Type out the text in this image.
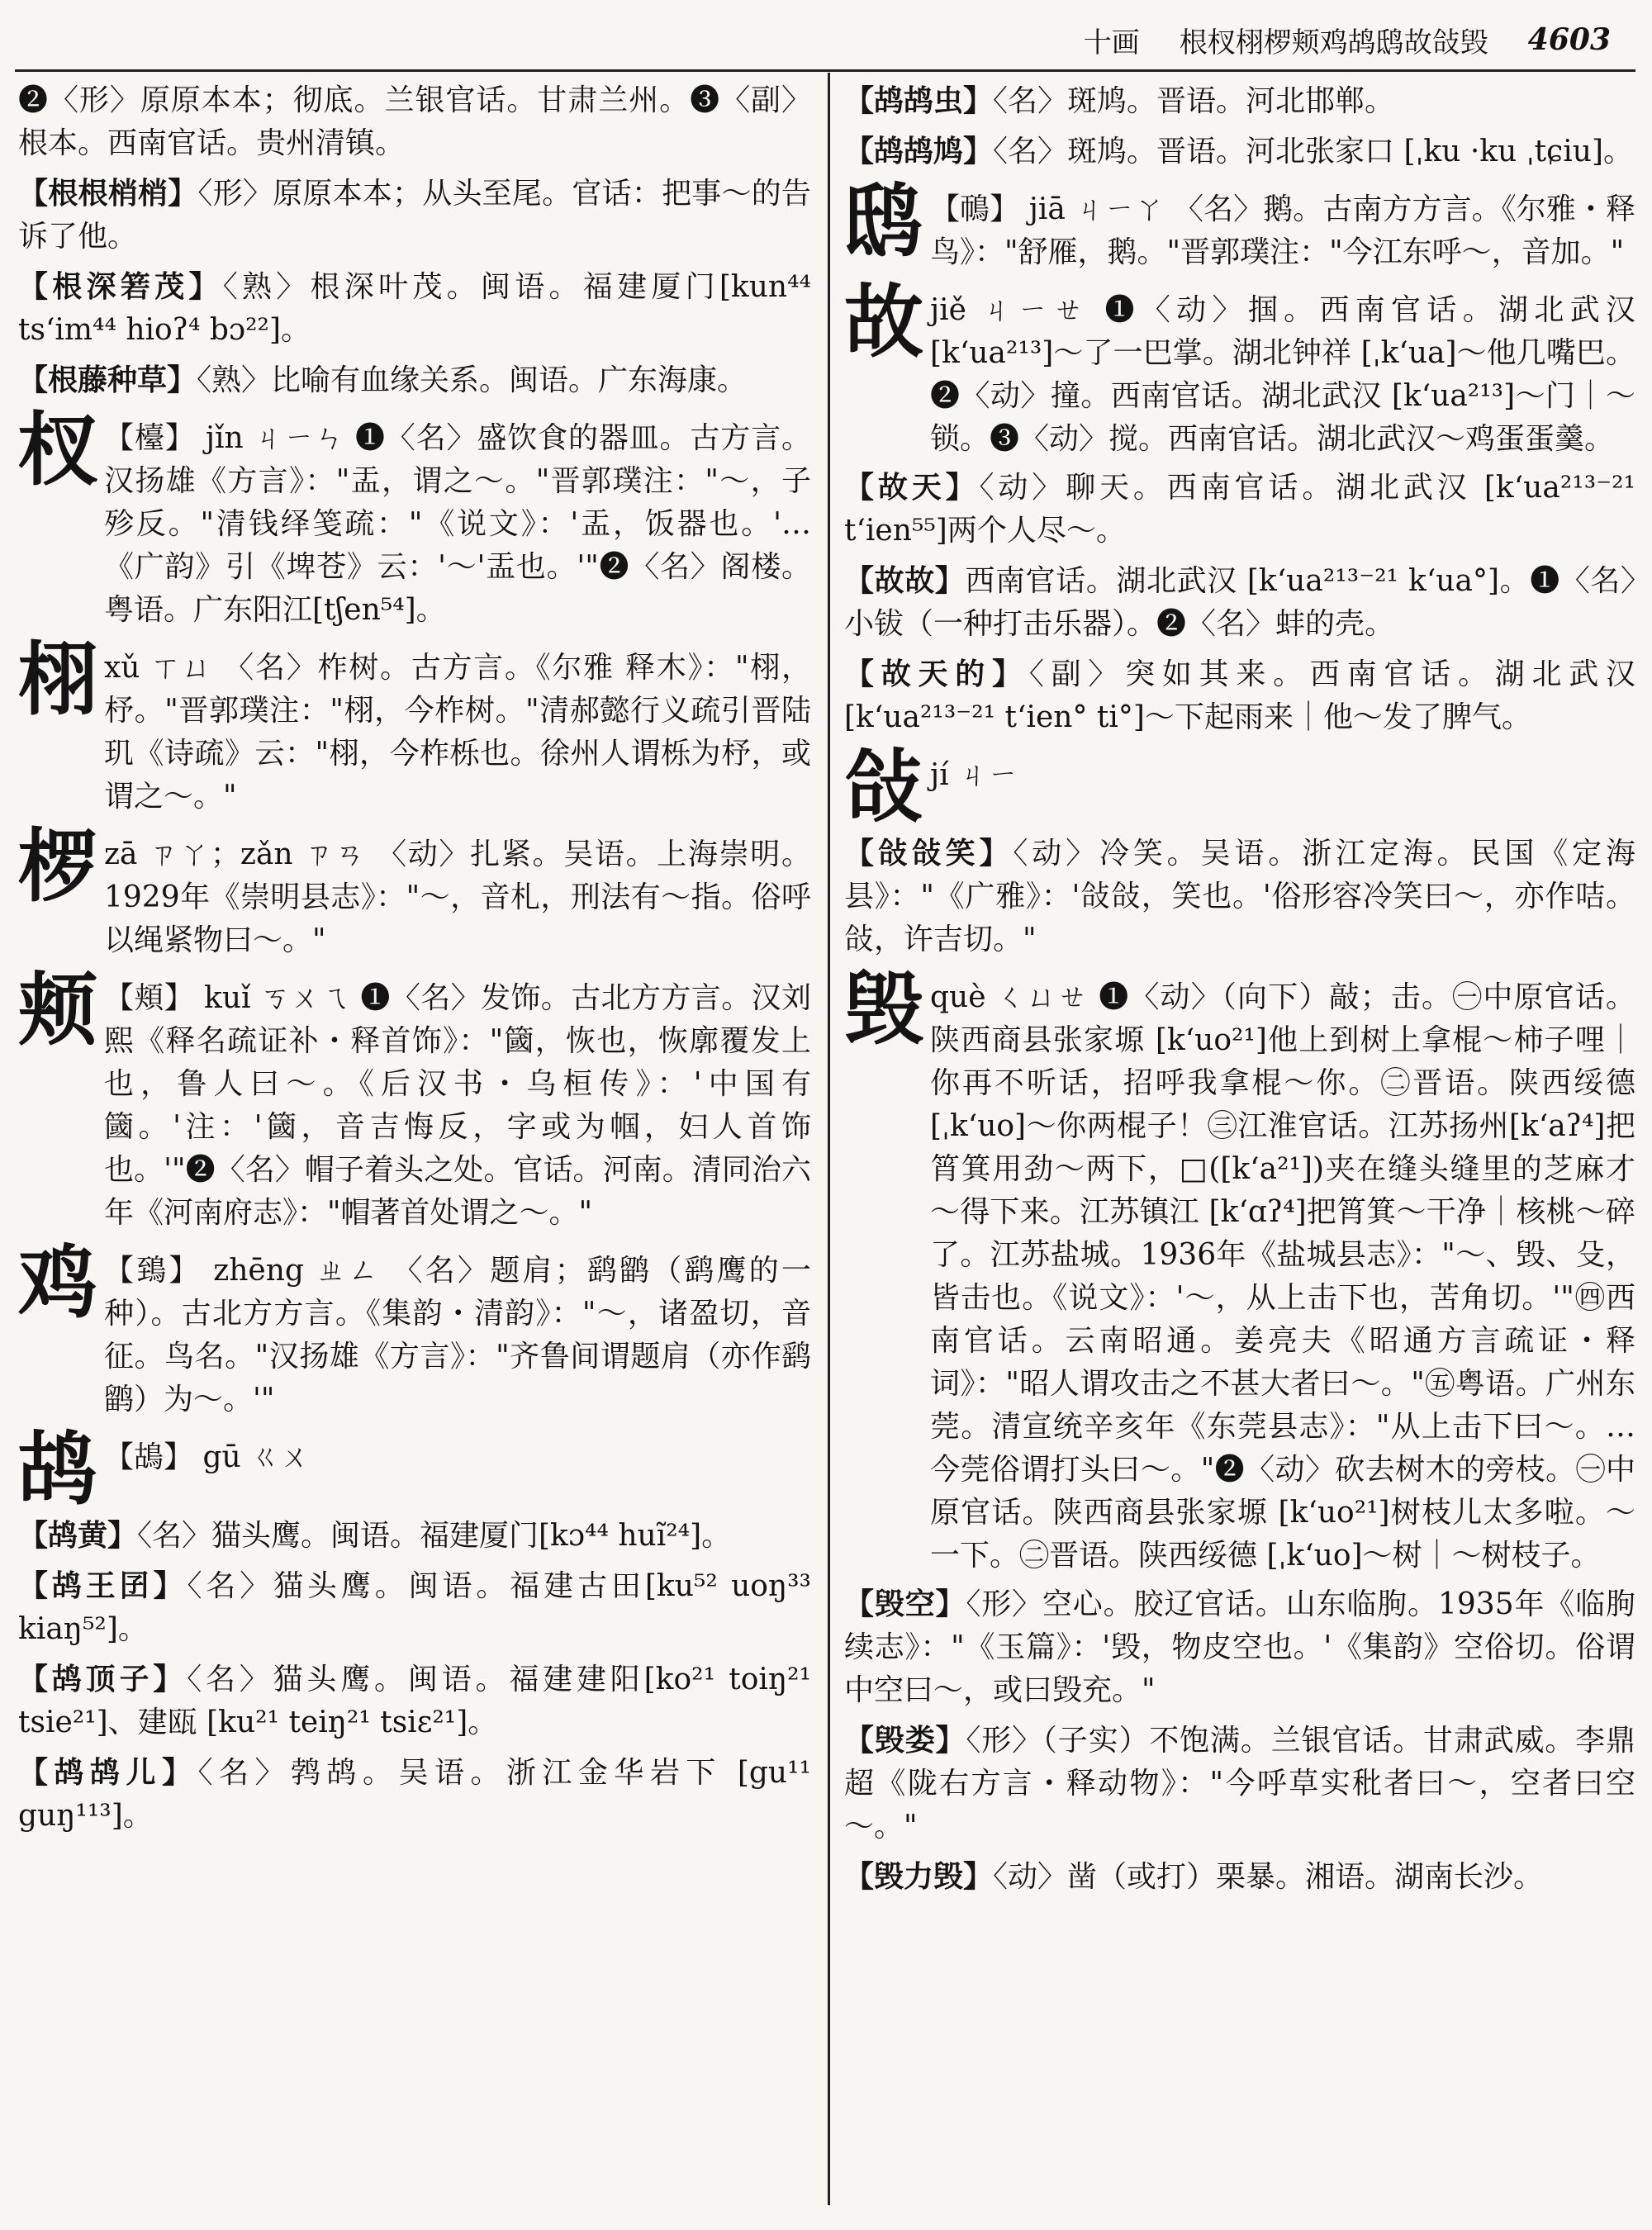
十画 根杈栩椤颊鸡鸪鸱故敆毁 4603

❷〈形〉原原本本；彻底。兰银官话。甘肃兰州。❸〈副〉根本。西南官话。贵州清镇。

【根根梢梢】〈形〉原原本本；从头至尾。官话：把事～的告诉了他。

【根深箬茂】〈熟〉根深叶茂。闽语。福建厦门[kun⁴⁴ ts‘im⁴⁴ hioʔ⁴ bɔ²²]。

【根藤种草】〈熟〉比喻有血缘关系。闽语。广东海康。

杈 【檯】 jǐn ㄐㄧㄣ ❶〈名〉盛饮食的器皿。古方言。汉扬雄《方言》："盂，谓之～。"晋郭璞注："～，子殄反。"清钱绎笺疏："《说文》：'盂，饭器也。'…《广韵》引《埤苍》云：'～'盂也。'"❷〈名〉阁楼。粤语。广东阳江[tʃen⁵⁴]。
栩 xǔ ㄒㄩ 〈名〉柞树。古方言。《尔雅 释木》："栩，杼。"晋郭璞注："栩，今柞树。"清郝懿行义疏引晋陆玑《诗疏》云："栩，今柞栎也。徐州人谓栎为杼，或谓之～。"
椤 zā ㄗㄚ；zǎn ㄗㄢ 〈动〉扎紧。吴语。上海崇明。1929年《崇明县志》："～，音札，刑法有～指。俗呼以绳紧物曰～。"
颊 【頬】 kuǐ ㄎㄨㄟ ❶〈名〉发饰。古北方方言。汉刘熙《释名疏证补・释首饰》："簂，恢也，恢廓覆发上也，鲁人曰～。《后汉书・乌桓传》：'中国有簂。'注：'簂，音吉悔反，字或为帼，妇人首饰也。'"❷〈名〉帽子着头之处。官话。河南。清同治六年《河南府志》："帽著首处谓之～。"
鸡 【鵄】 zhēng ㄓㄥ 〈名〉题肩；鹞鹠（鹞鹰的一种）。古北方方言。《集韵・清韵》："～，诸盈切，音征。鸟名。"汉扬雄《方言》："齐鲁间谓题肩（亦作鹞鹠）为～。'"
鸪 【鴣】 gū ㄍㄨ

【鸪黄】〈名〉猫头鹰。闽语。福建厦门[kɔ⁴⁴ huĩ²⁴]。

【鸪王囝】〈名〉猫头鹰。闽语。福建古田[ku⁵² uoŋ³³ kiaŋ⁵²]。

【鸪顶子】〈名〉猫头鹰。闽语。福建建阳[ko²¹ toiŋ²¹ tsie²¹]、建瓯 [ku²¹ teiŋ²¹ tsiɛ²¹]。

【鸪鸪儿】〈名〉鹁鸪。吴语。浙江金华岩下 [gu¹¹ guŋ¹¹³]。

【鸪鸪虫】〈名〉斑鸠。晋语。河北邯郸。

【鸪鸪鸠】〈名〉斑鸠。晋语。河北张家口 [ˌku ·ku ˌtɕiu]。

鸱 【鳾】 jiā ㄐㄧㄚ 〈名〉鹅。古南方方言。《尔雅・释鸟》："舒雁，鹅。"晋郭璞注："今江东呼～，音加。"
故 jiě ㄐㄧㄝ ❶〈动〉掴。西南官话。湖北武汉[k‘ua²¹³]～了一巴掌。湖北钟祥 [ˌk‘ua]～他几嘴巴。❷〈动〉撞。西南官话。湖北武汉 [k‘ua²¹³]～门｜～锁。❸〈动〉搅。西南官话。湖北武汉～鸡蛋蛋羹。

【故天】〈动〉聊天。西南官话。湖北武汉 [k‘ua²¹³⁻²¹ t‘ien⁵⁵]两个人尽～。

【故故】西南官话。湖北武汉 [k‘ua²¹³⁻²¹ k‘ua°]。❶〈名〉小钹（一种打击乐器）。❷〈名〉蚌的壳。

【故天的】〈副〉突如其来。西南官话。湖北武汉 [k‘ua²¹³⁻²¹ t‘ien° ti°]～下起雨来｜他～发了脾气。

敆 jí ㄐㄧ

【敆敆笑】〈动〉冷笑。吴语。浙江定海。民国《定海县》："《广雅》：'敆敆，笑也。'俗形容冷笑曰～，亦作咭。敆，许吉切。"

毁 què ㄑㄩㄝ ❶〈动〉（向下）敲；击。㊀中原官话。陕西商县张家塬 [k‘uo²¹]他上到树上拿棍～柿子哩｜你再不听话，招呼我拿棍～你。㊁晋语。陕西绥德 [ˌk‘uo]～你两棍子！㊂江淮官话。江苏扬州[k‘aʔ⁴]把筲箕用劲～两下，□([k‘a²¹])夹在缝头缝里的芝麻才～得下来。江苏镇江 [k‘ɑʔ⁴]把筲箕～干净｜核桃～碎了。江苏盐城。1936年《盐城县志》："～、毁、殳，皆击也。《说文》：'～，从上击下也，苦角切。'"㊃西南官话。云南昭通。姜亮夫《昭通方言疏证・释词》："昭人谓攻击之不甚大者曰～。"㊄粤语。广州东莞。清宣统辛亥年《东莞县志》："从上击下曰～。…今莞俗谓打头曰～。"❷〈动〉砍去树木的旁枝。㊀中原官话。陕西商县张家塬 [k‘uo²¹]树枝儿太多啦。～一下。㊁晋语。陕西绥德 [ˌk‘uo]～树｜～树枝子。

【毁空】〈形〉空心。胶辽官话。山东临朐。1935年《临朐续志》："《玉篇》：'毁，物皮空也。'《集韵》空俗切。俗谓中空曰～，或曰毁充。"

【毁娄】〈形〉（子实）不饱满。兰银官话。甘肃武威。李鼎超《陇右方言・释动物》："今呼草实秕者曰～，空者曰空～。"

【毁力毁】〈动〉凿（或打）栗暴。湘语。湖南长沙。
